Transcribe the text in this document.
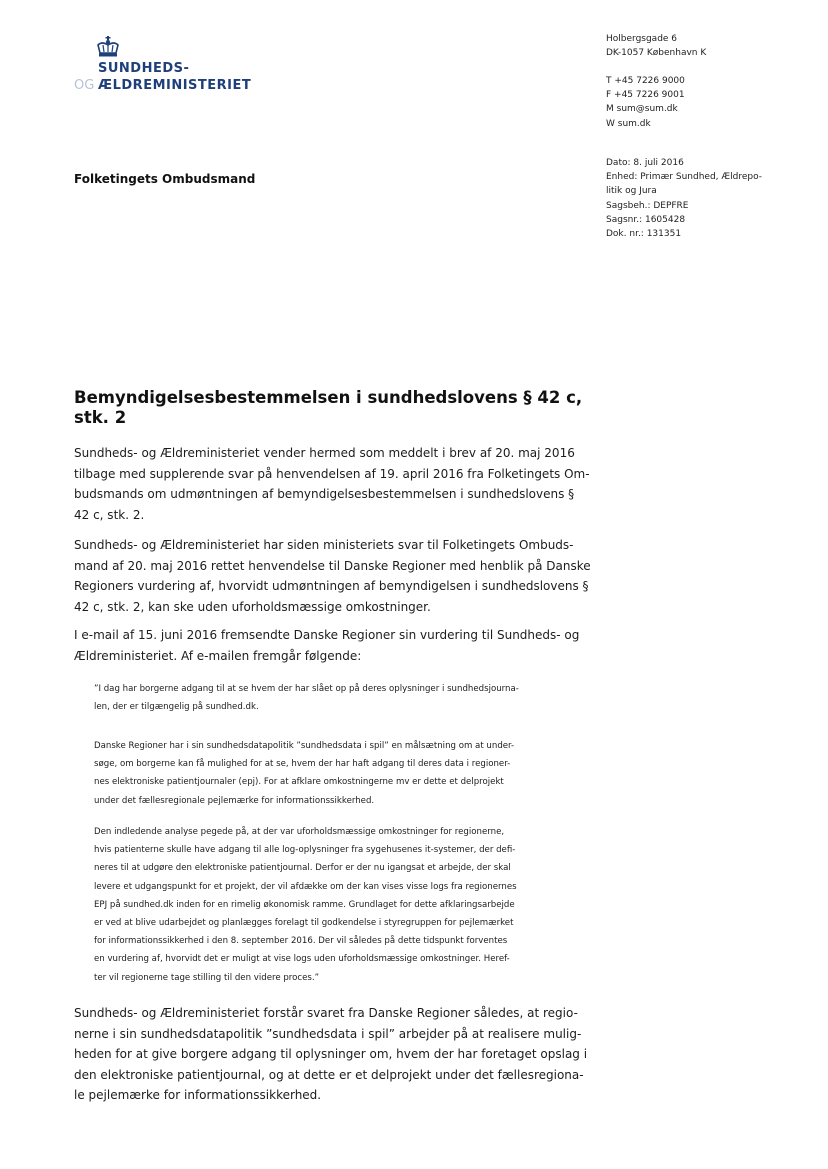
SUNDHEDS-
OG ÆLDREMINISTERIET
Holbergsgade 6
DK-1057 København K
T +45 7226 9000
F +45 7226 9001
M sum@sum.dk
W sum.dk
Dato: 8. juli 2016
Enhed: Primær Sundhed, Ældrepo-
litik og Jura
Sagsbeh.: DEPFRE
Sagsnr.: 1605428
Dok. nr.: 131351
Folketingets Ombudsmand
Bemyndigelsesbestemmelsen i sundhedslovens § 42 c,
stk. 2
Sundheds- og Ældreministeriet vender hermed som meddelt i brev af 20. maj 2016
tilbage med supplerende svar på henvendelsen af 19. april 2016 fra Folketingets Om-
budsmands om udmøntningen af bemyndigelsesbestemmelsen i sundhedslovens §
42 c, stk. 2.
Sundheds- og Ældreministeriet har siden ministeriets svar til Folketingets Ombuds-
mand af 20. maj 2016 rettet henvendelse til Danske Regioner med henblik på Danske
Regioners vurdering af, hvorvidt udmøntningen af bemyndigelsen i sundhedslovens §
42 c, stk. 2, kan ske uden uforholdsmæssige omkostninger.
I e-mail af 15. juni 2016 fremsendte Danske Regioner sin vurdering til Sundheds- og
Ældreministeriet. Af e-mailen fremgår følgende:
”I dag har borgerne adgang til at se hvem der har slået op på deres oplysninger i sundhedsjourna-
len, der er tilgængelig på sundhed.dk.
Danske Regioner har i sin sundhedsdatapolitik ”sundhedsdata i spil” en målsætning om at under-
søge, om borgerne kan få mulighed for at se, hvem der har haft adgang til deres data i regioner-
nes elektroniske patientjournaler (epj). For at afklare omkostningerne mv er dette et delprojekt
under det fællesregionale pejlemærke for informationssikkerhed.
Den indledende analyse pegede på, at der var uforholdsmæssige omkostninger for regionerne,
hvis patienterne skulle have adgang til alle log-oplysninger fra sygehusenes it-systemer, der defi-
neres til at udgøre den elektroniske patientjournal. Derfor er der nu igangsat et arbejde, der skal
levere et udgangspunkt for et projekt, der vil afdække om der kan vises visse logs fra regionernes
EPJ på sundhed.dk inden for en rimelig økonomisk ramme. Grundlaget for dette afklaringsarbejde
er ved at blive udarbejdet og planlægges forelagt til godkendelse i styregruppen for pejlemærket
for informationssikkerhed i den 8. september 2016. Der vil således på dette tidspunkt forventes
en vurdering af, hvorvidt det er muligt at vise logs uden uforholdsmæssige omkostninger. Heref-
ter vil regionerne tage stilling til den videre proces.”
Sundheds- og Ældreministeriet forstår svaret fra Danske Regioner således, at regio-
nerne i sin sundhedsdatapolitik ”sundhedsdata i spil” arbejder på at realisere mulig-
heden for at give borgere adgang til oplysninger om, hvem der har foretaget opslag i
den elektroniske patientjournal, og at dette er et delprojekt under det fællesregiona-
le pejlemærke for informationssikkerhed.
